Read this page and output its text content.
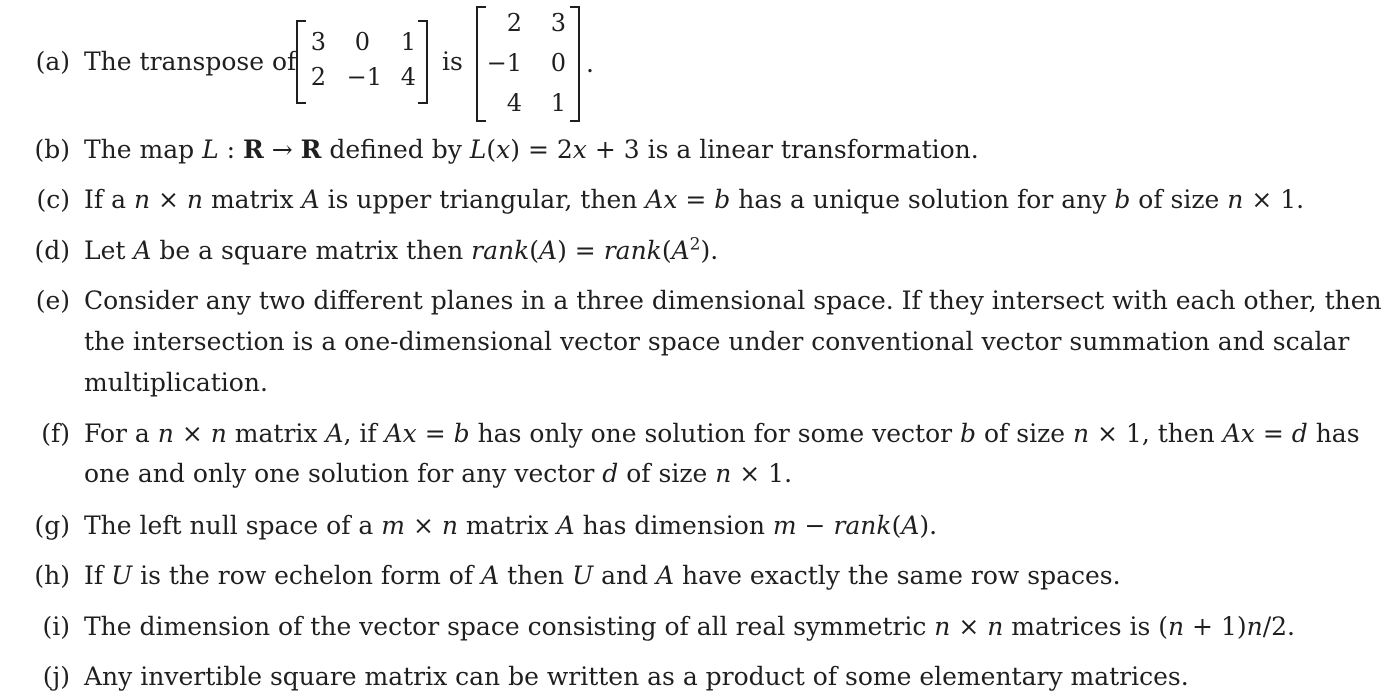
(a) The transpose of
3	0	1
2 −1 4
is
2	3
−1	0
4	1
.
(b) The map L : R → R defined by L(x) = 2x + 3 is a linear transformation.
(c) If a n × n matrix A is upper triangular, then Ax = b has a unique solution for any b of size n × 1.
(d) Let A be a square matrix then rank(A) = $rank(A^2)$.
(e) Consider any two different planes in a three dimensional space. If they intersect with each other, then
the intersection is a one-dimensional vector space under conventional vector summation and scalar
multiplication.
(f) For a n × n matrix A, if Ax = b has only one solution for some vector b of size n × 1, then Ax = d has
one and only one solution for any vector d of size n × 1.
(g) The left null space of a m × n matrix A has dimension m − rank(A).
(h) If U is the row echelon form of A then U and A have exactly the same row spaces.
(i) The dimension of the vector space consisting of all real symmetric n × n matrices is (n + 1)n/2.
(j) Any invertible square matrix can be written as a product of some elementary matrices.
